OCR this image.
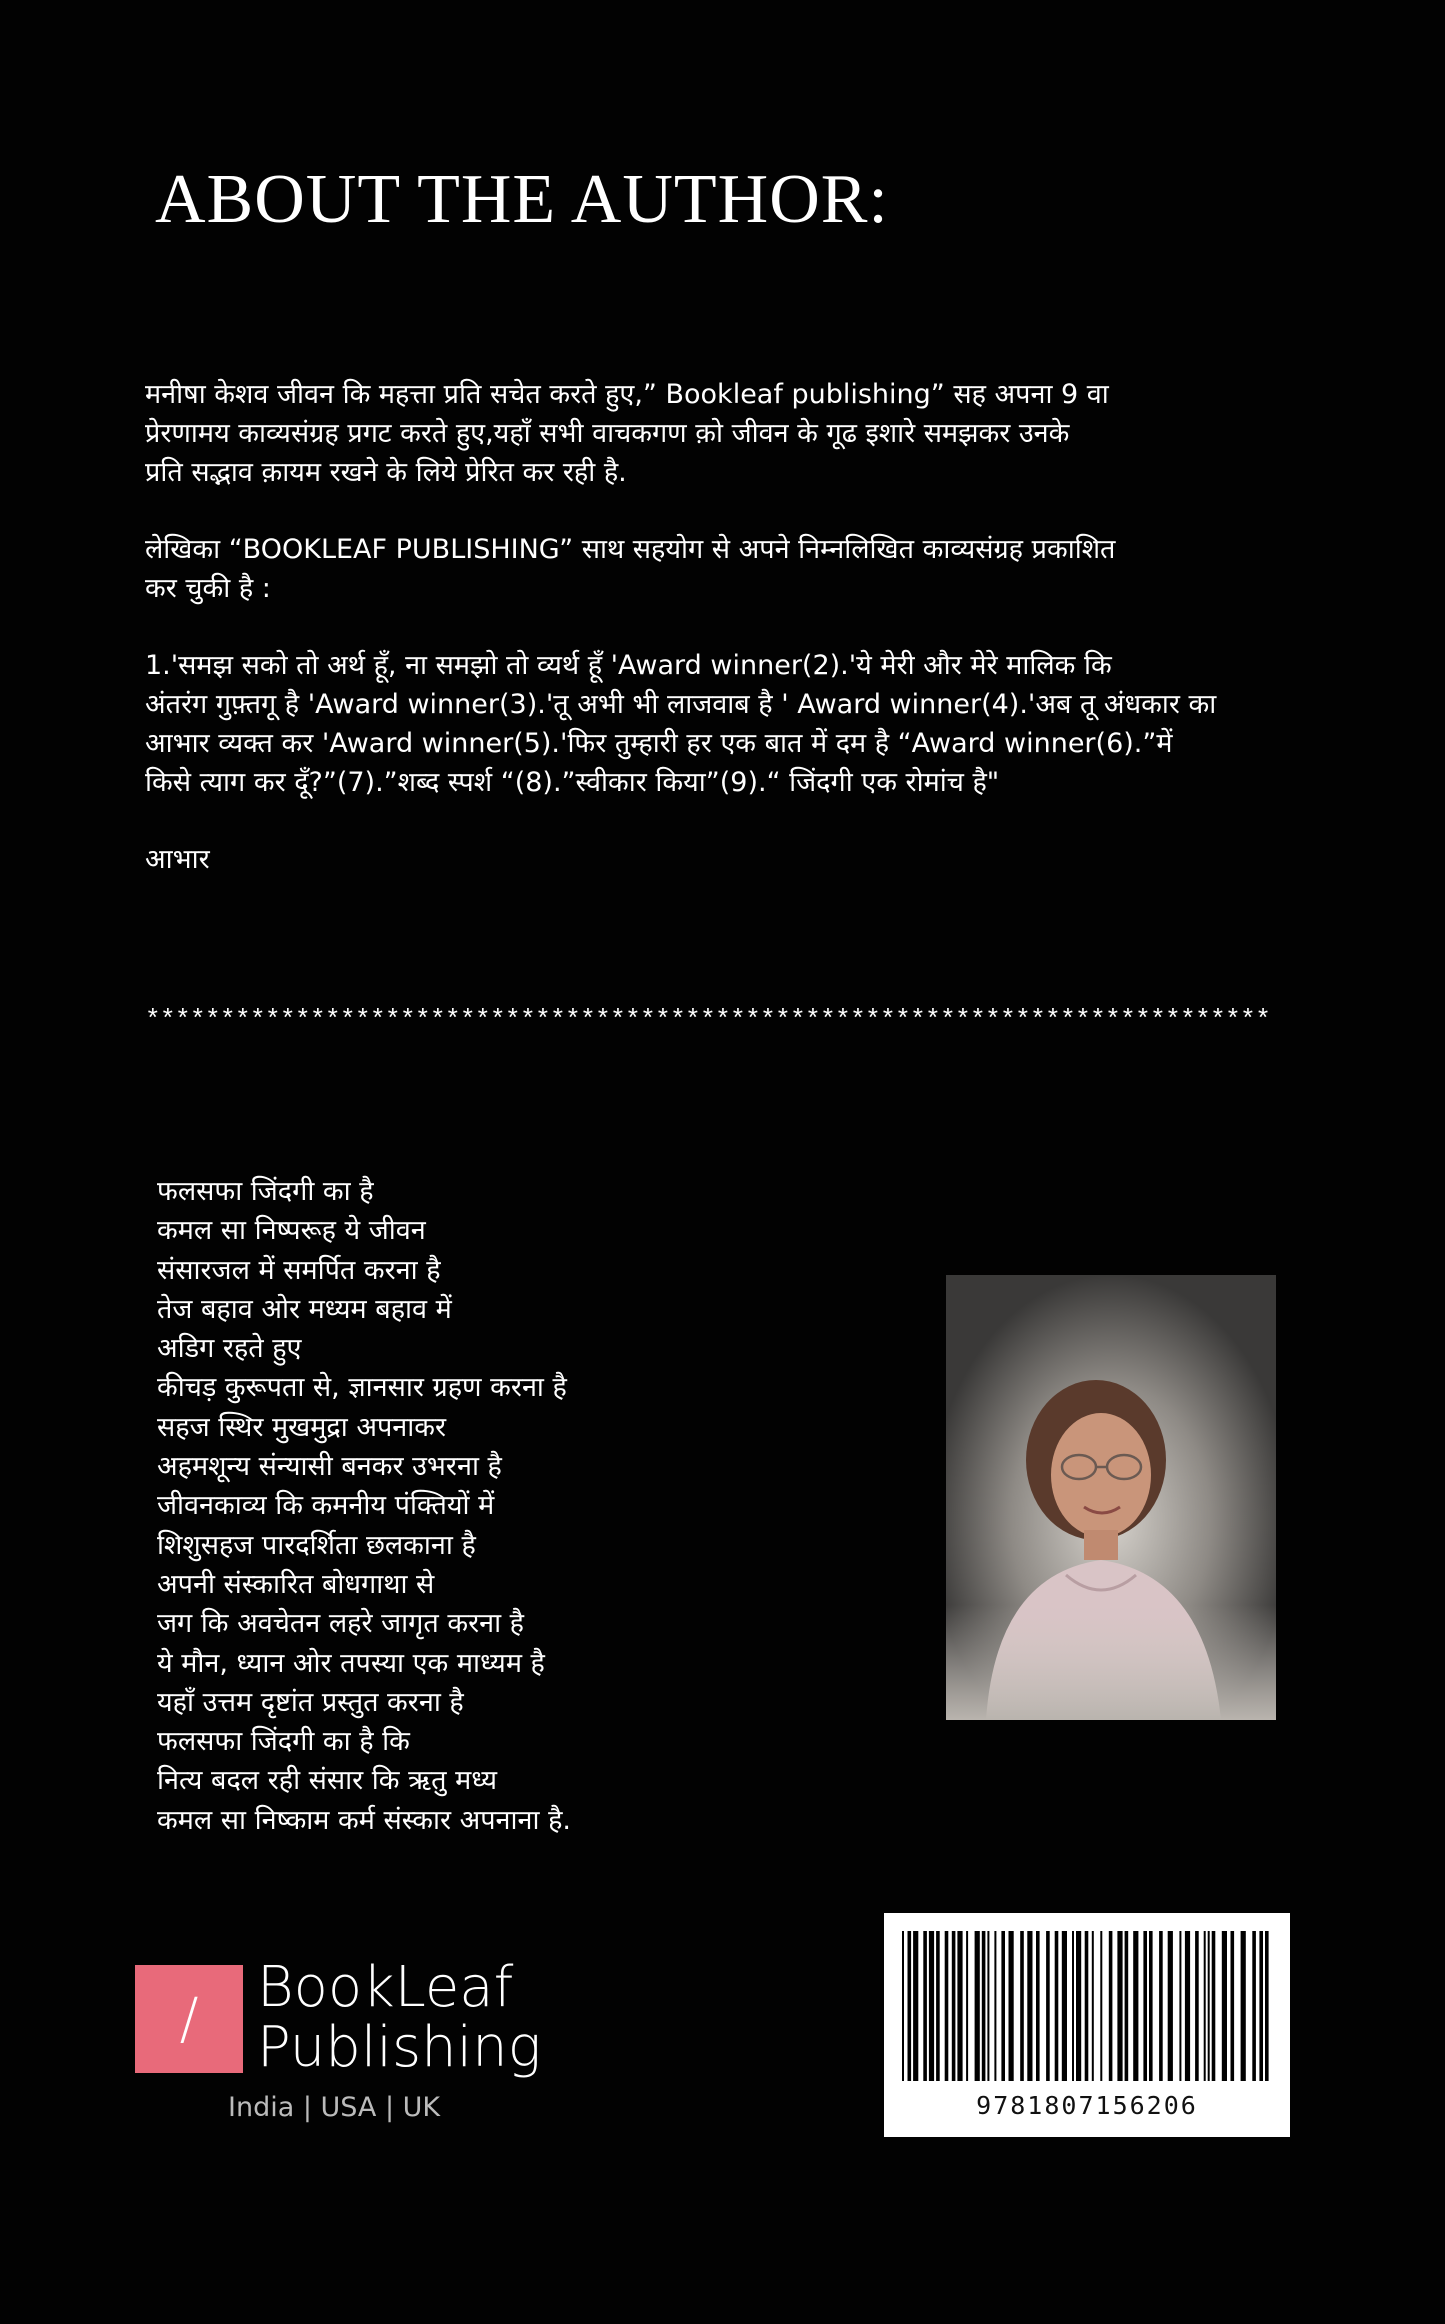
ABOUT THE AUTHOR:

मनीषा केशव जीवन कि महत्ता प्रति सचेत करते हुए,” Bookleaf publishing” सह अपना 9 वा
प्रेरणामय काव्यसंग्रह प्रगट करते हुए,यहाँ सभी वाचकगण क़ो जीवन के गूढ इशारे समझकर उनके
प्रति सद्भाव क़ायम रखने के लिये प्रेरित कर रही है.

लेखिका “BOOKLEAF PUBLISHING” साथ सहयोग से अपने निम्नलिखित काव्यसंग्रह प्रकाशित
कर चुकी है :

1.'समझ सको तो अर्थ हूँ, ना समझो तो व्यर्थ हूँ 'Award winner(2).'ये मेरी और मेरे मालिक कि
अंतरंग गुफ़्तगू है 'Award winner(3).'तू अभी भी लाजवाब है ' Award winner(4).'अब तू अंधकार का
आभार व्यक्त कर 'Award winner(5).'फिर तुम्हारी हर एक बात में दम है “Award winner(6).”में
किसे त्याग कर दूँ?”(7).”शब्द स्पर्श “(8).”स्वीकार किया”(9).“ जिंदगी एक रोमांच है"

आभार

***************************************************************************
फलसफा जिंदगी का है
कमल सा निष्परूह ये जीवन
संसारजल में समर्पित करना है
तेज बहाव ओर मध्यम बहाव में
अडिग रहते हुए
कीचड़ कुरूपता से, ज्ञानसार ग्रहण करना है
सहज स्थिर मुखमुद्रा अपनाकर
अहमशून्य संन्यासी बनकर उभरना है
जीवनकाव्य कि कमनीय पंक्तियों में
शिशुसहज पारदर्शिता छलकाना है
अपनी संस्कारित बोधगाथा से
जग कि अवचेतन लहरे जागृत करना है
ये मौन, ध्यान ओर तपस्या एक माध्यम है
यहाँ उत्तम दृष्टांत प्रस्तुत करना है
फलसफा जिंदगी का है कि
नित्य बदल रही संसार कि ऋतु मध्य
कमल सा निष्काम कर्म संस्कार अपनाना है.
/ BookLeaf
Publishing
India | USA | UK	9781807156206
